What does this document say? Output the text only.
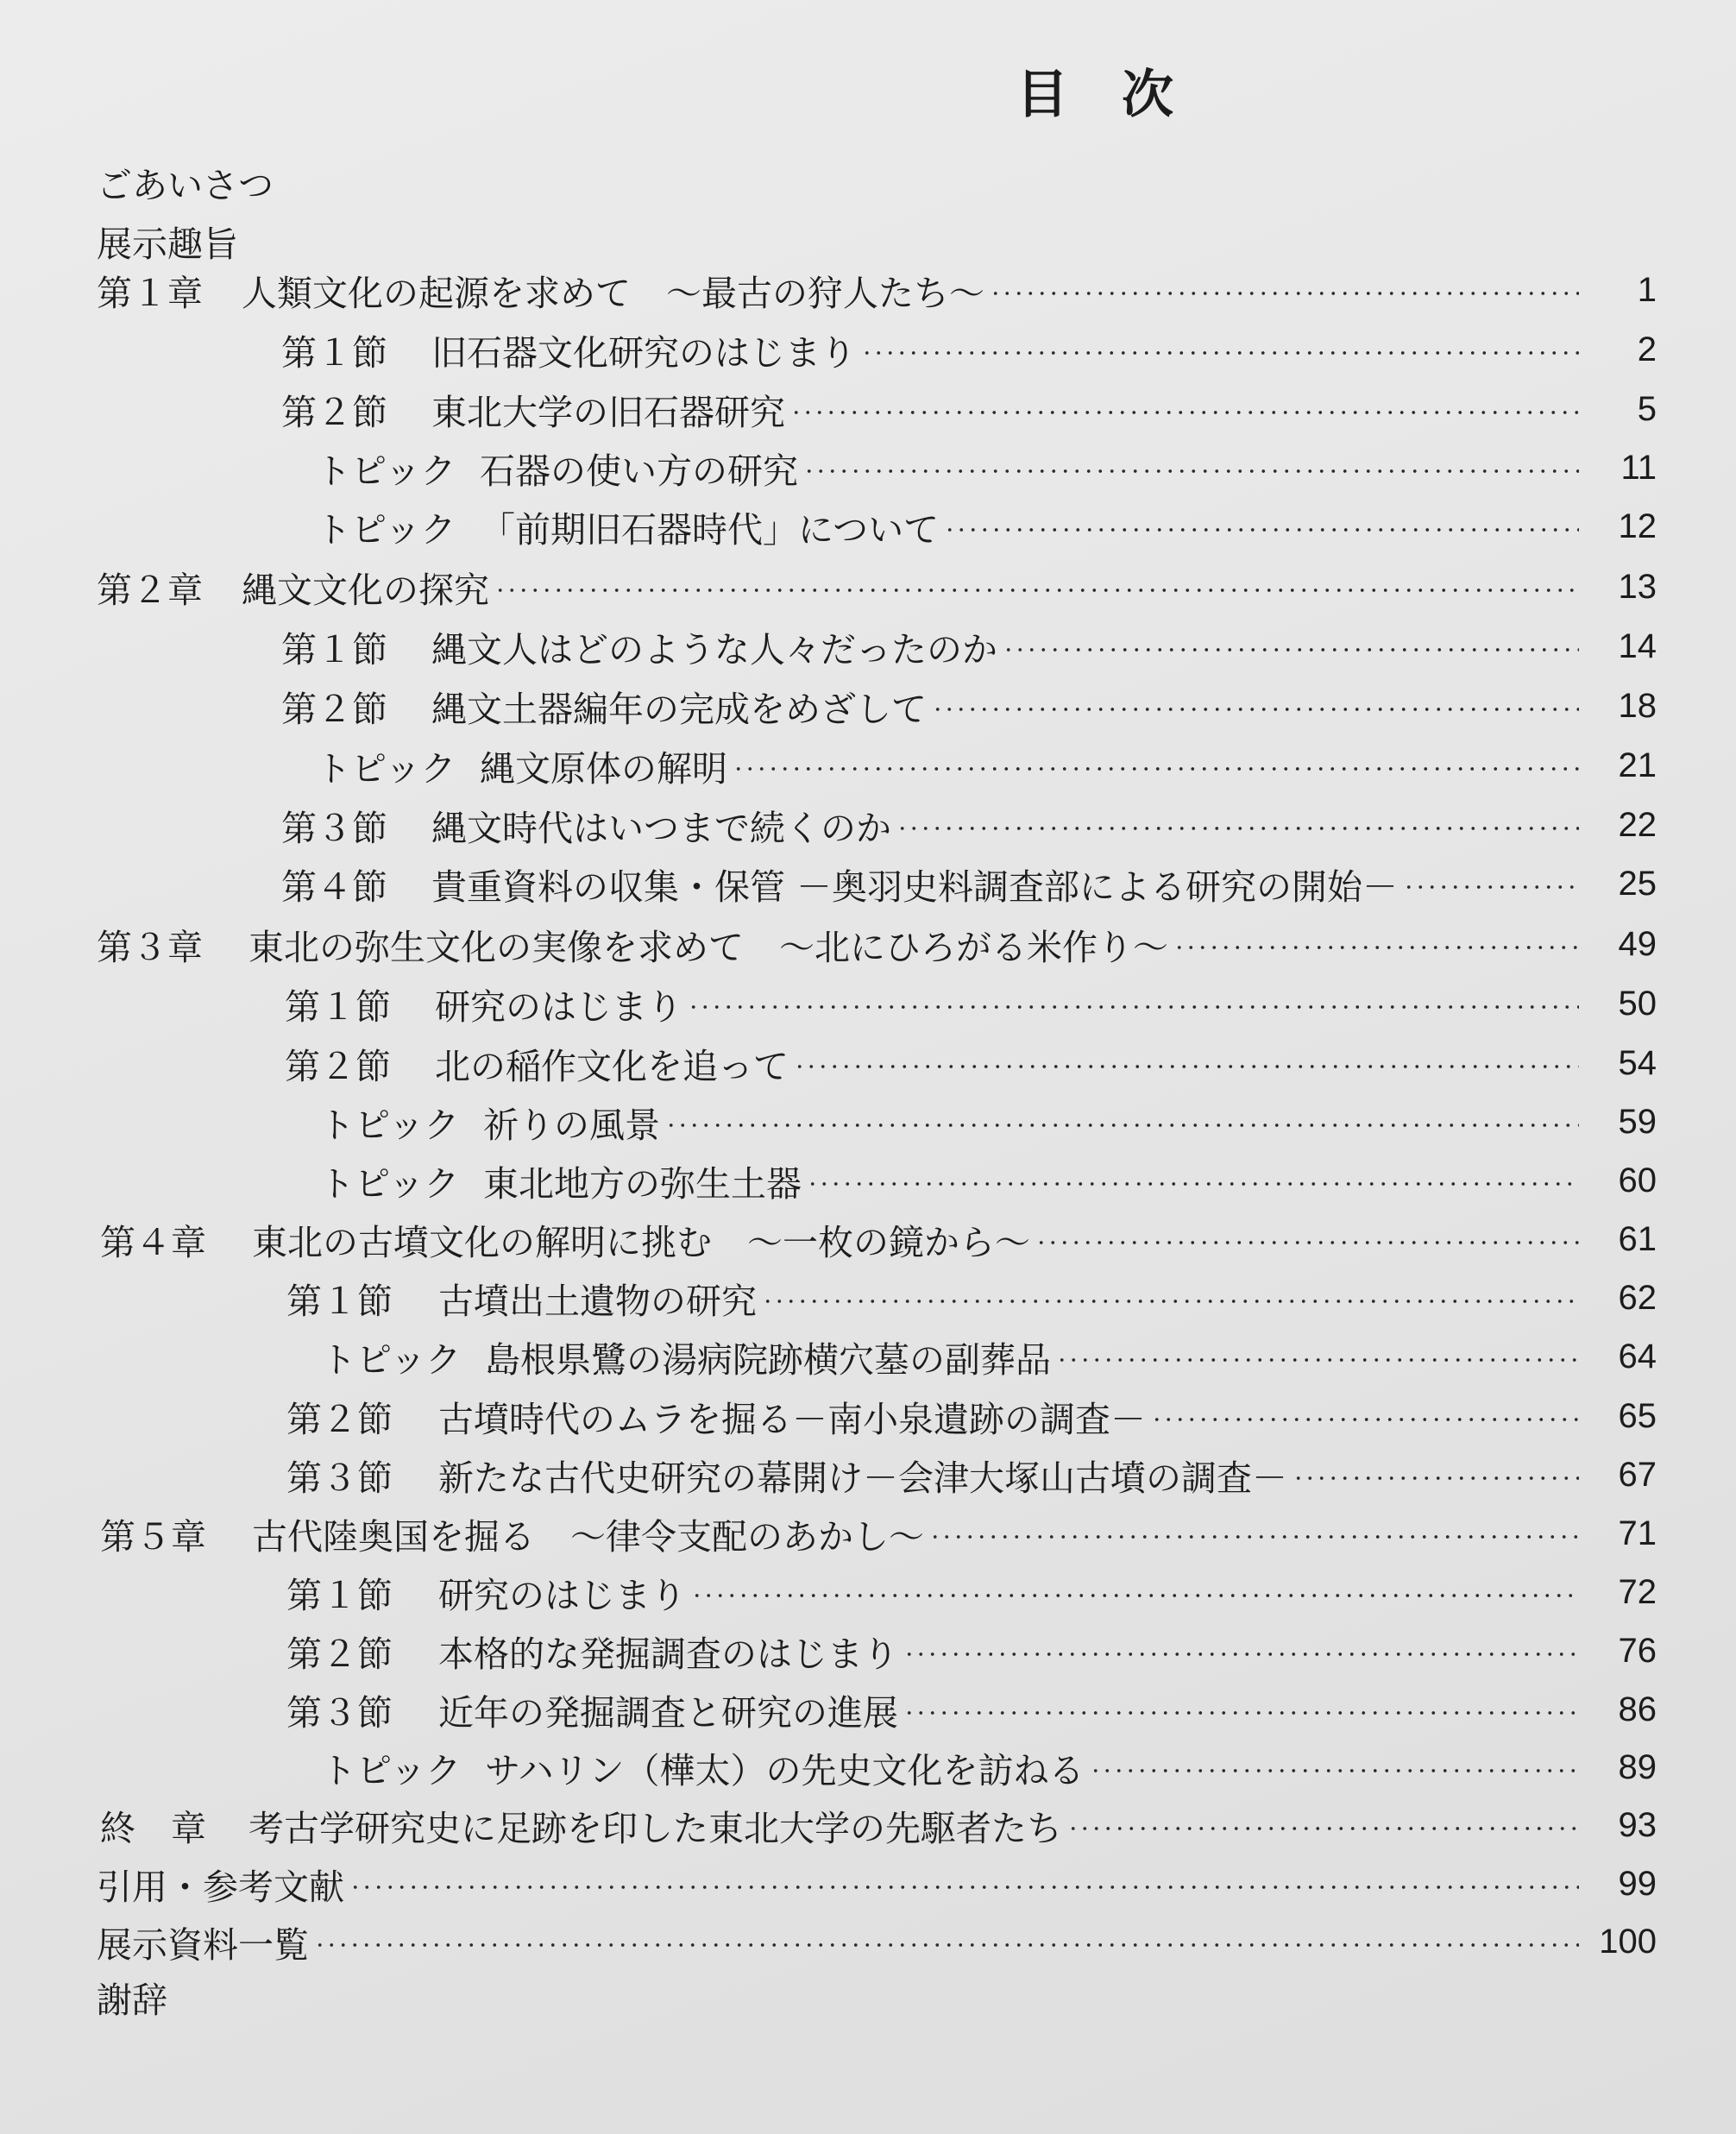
目 次
ごあいさつ
展示趣旨
第１章	人類文化の起源を求めて　～最古の狩人たち～	1
第１節	旧石器文化研究のはじまり	2
第２節	東北大学の旧石器研究	5
トピック 石器の使い方の研究	11
トピック 「前期旧石器時代」について	12
第２章	縄文文化の探究	13
第１節	縄文人はどのような人々だったのか	14
第２節	縄文土器編年の完成をめざして	18
トピック 縄文原体の解明	21
第３節	縄文時代はいつまで続くのか	22
第４節	貴重資料の収集・保管 －奥羽史料調査部による研究の開始－	25
第３章	東北の弥生文化の実像を求めて　～北にひろがる米作り～	49
第１節	研究のはじまり	50
第２節	北の稲作文化を追って	54
トピック 祈りの風景	59
トピック 東北地方の弥生土器	60
第４章	東北の古墳文化の解明に挑む　～一枚の鏡から～	61
第１節	古墳出土遺物の研究	62
トピック 島根県鷺の湯病院跡横穴墓の副葬品	64
第２節	古墳時代のムラを掘る－南小泉遺跡の調査－	65
第３節	新たな古代史研究の幕開け－会津大塚山古墳の調査－	67
第５章	古代陸奥国を掘る　～律令支配のあかし～	71
第１節	研究のはじまり	72
第２節	本格的な発掘調査のはじまり	76
第３節	近年の発掘調査と研究の進展	86
トピック サハリン（樺太）の先史文化を訪ねる	89
終　章	考古学研究史に足跡を印した東北大学の先駆者たち	93
引用・参考文献	99
展示資料一覧	100
謝辞
